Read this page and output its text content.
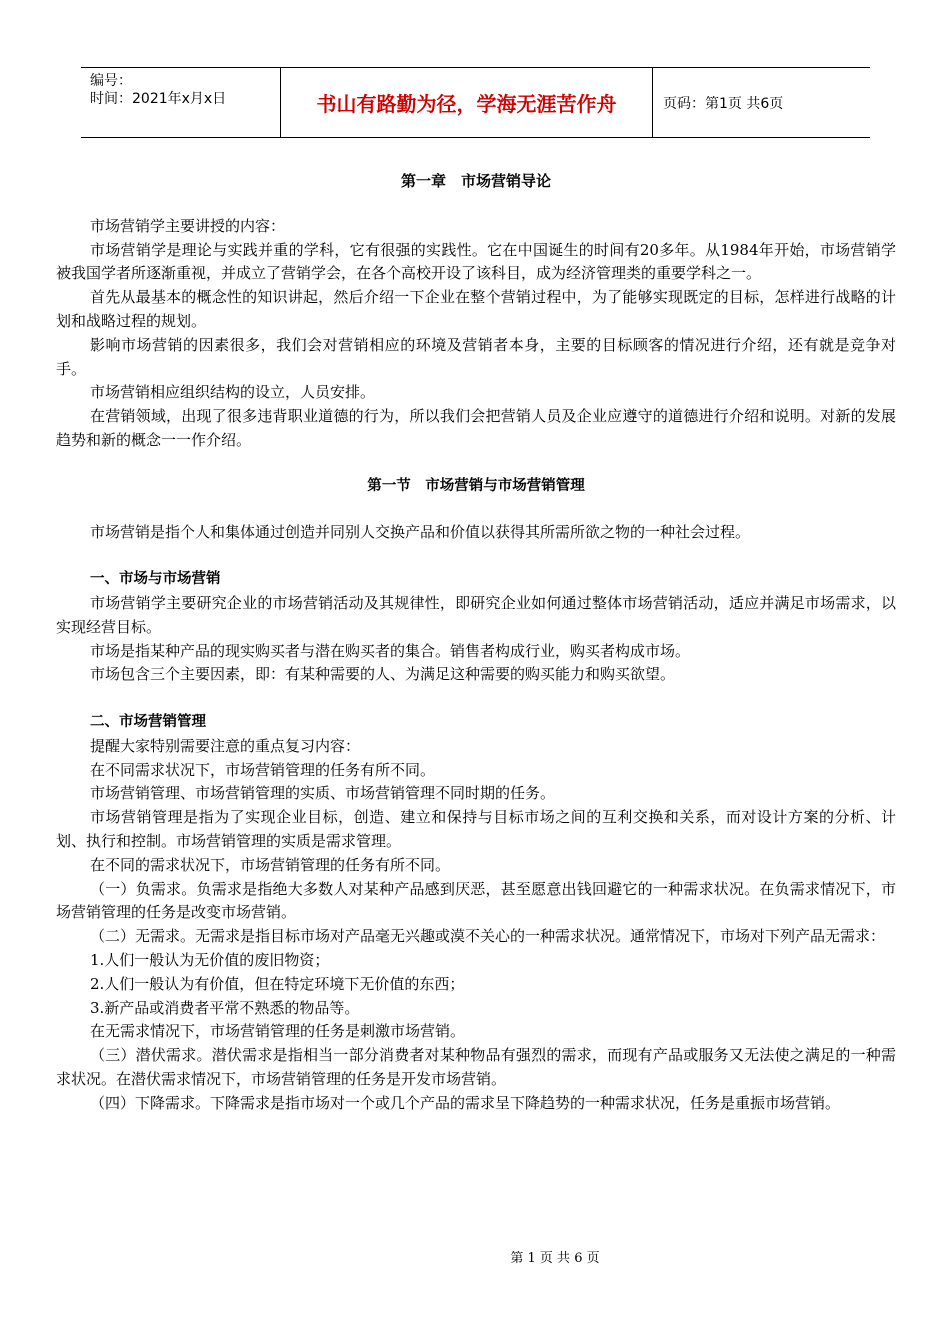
编号：
时间：2021年x月x日	书山有路勤为径，学海无涯苦作舟	页码：第1页 共6页
第一章　市场营销导论

市场营销学主要讲授的内容：

市场营销学是理论与实践并重的学科，它有很强的实践性。它在中国诞生的时间有20多年。从1984年开始，市场营销学被我国学者所逐渐重视，并成立了营销学会，在各个高校开设了该科目，成为经济管理类的重要学科之一。

首先从最基本的概念性的知识讲起，然后介绍一下企业在整个营销过程中，为了能够实现既定的目标，怎样进行战略的计划和战略过程的规划。

影响市场营销的因素很多，我们会对营销相应的环境及营销者本身，主要的目标顾客的情况进行介绍，还有就是竞争对手。

市场营销相应组织结构的设立，人员安排。

在营销领域，出现了很多违背职业道德的行为，所以我们会把营销人员及企业应遵守的道德进行介绍和说明。对新的发展趋势和新的概念一一作介绍。

第一节　市场营销与市场营销管理

市场营销是指个人和集体通过创造并同别人交换产品和价值以获得其所需所欲之物的一种社会过程。

一、市场与市场营销

市场营销学主要研究企业的市场营销活动及其规律性，即研究企业如何通过整体市场营销活动，适应并满足市场需求，以实现经营目标。

市场是指某种产品的现实购买者与潜在购买者的集合。销售者构成行业，购买者构成市场。

市场包含三个主要因素，即：有某种需要的人、为满足这种需要的购买能力和购买欲望。

二、市场营销管理

提醒大家特别需要注意的重点复习内容：

在不同需求状况下，市场营销管理的任务有所不同。

市场营销管理、市场营销管理的实质、市场营销管理不同时期的任务。

市场营销管理是指为了实现企业目标，创造、建立和保持与目标市场之间的互利交换和关系，而对设计方案的分析、计划、执行和控制。市场营销管理的实质是需求管理。

在不同的需求状况下，市场营销管理的任务有所不同。

（一）负需求。负需求是指绝大多数人对某种产品感到厌恶，甚至愿意出钱回避它的一种需求状况。在负需求情况下，市场营销管理的任务是改变市场营销。

（二）无需求。无需求是指目标市场对产品毫无兴趣或漠不关心的一种需求状况。通常情况下，市场对下列产品无需求：

1.人们一般认为无价值的废旧物资；

2.人们一般认为有价值，但在特定环境下无价值的东西；

3.新产品或消费者平常不熟悉的物品等。

在无需求情况下，市场营销管理的任务是刺激市场营销。

（三）潜伏需求。潜伏需求是指相当一部分消费者对某种物品有强烈的需求，而现有产品或服务又无法使之满足的一种需求状况。在潜伏需求情况下，市场营销管理的任务是开发市场营销。

（四）下降需求。下降需求是指市场对一个或几个产品的需求呈下降趋势的一种需求状况，任务是重振市场营销。

第 1 页 共 6 页
